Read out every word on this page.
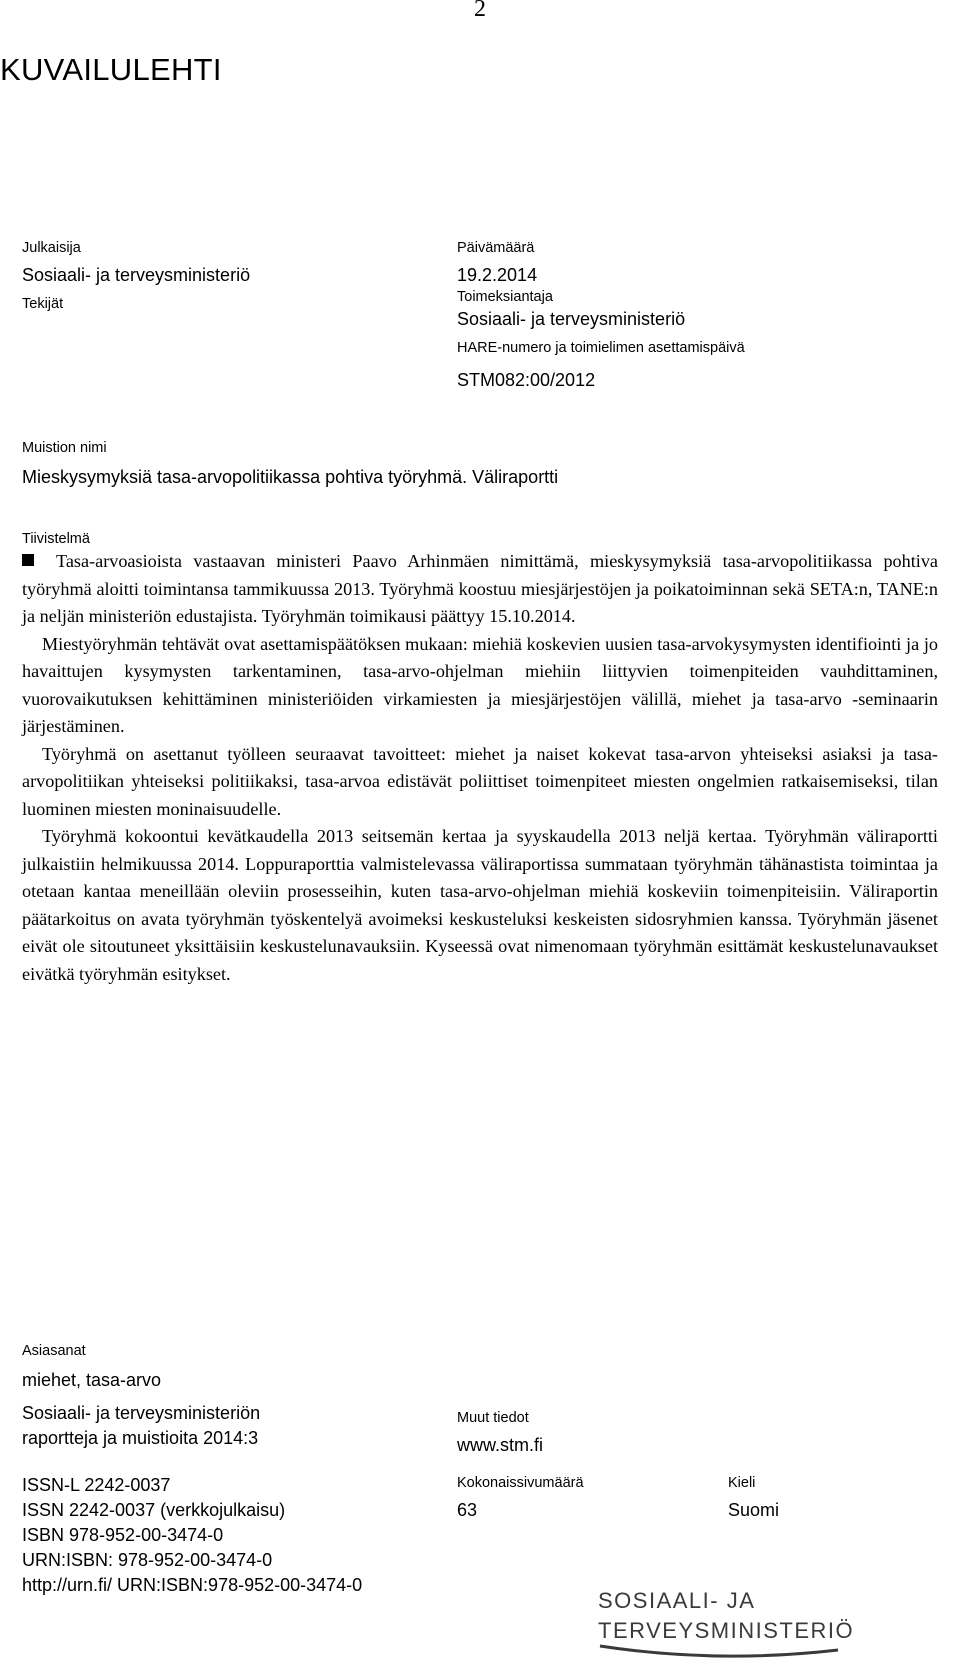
2
KUVAILULEHTI
Julkaisija
Sosiaali- ja terveysministeriö
Päivämäärä
19.2.2014
Tekijät	Toimeksiantaja
Sosiaali- ja terveysministeriö
HARE-numero ja toimielimen asettamispäivä
STM082:00/2012
Muistion nimi
Mieskysymyksiä tasa-arvopolitiikassa pohtiva työryhmä. Väliraportti
Tiivistelmä

Tasa-arvoasioista vastaavan ministeri Paavo Arhinmäen nimittämä, mieskysymyksiä tasa-arvopolitiikassa pohtiva työryhmä aloitti toimintansa tammikuussa 2013. Työryhmä koostuu miesjärjestöjen ja poikatoiminnan sekä SETA:n, TANE:n ja neljän ministeriön edustajista. Työryhmän toimikausi päättyy 15.10.2014.

Miestyöryhmän tehtävät ovat asettamispäätöksen mukaan: miehiä koskevien uusien tasa-arvokysymysten identifiointi ja jo havaittujen kysymysten tarkentaminen, tasa-arvo-ohjelman miehiin liittyvien toimenpiteiden vauhdittaminen, vuorovaikutuksen kehittäminen ministeriöiden virkamiesten ja miesjärjestöjen välillä, miehet ja tasa-arvo -seminaarin järjestäminen.

Työryhmä on asettanut työlleen seuraavat tavoitteet: miehet ja naiset kokevat tasa-arvon yhteiseksi asiaksi ja tasa-arvopolitiikan yhteiseksi politiikaksi, tasa-arvoa edistävät poliittiset toimenpiteet miesten ongelmien ratkaisemiseksi, tilan luominen miesten moninaisuudelle.

Työryhmä kokoontui kevätkaudella 2013 seitsemän kertaa ja syyskaudella 2013 neljä kertaa. Työryhmän väliraportti julkaistiin helmikuussa 2014. Loppuraporttia valmistelevassa väliraportissa summataan työryhmän tähänastista toimintaa ja otetaan kantaa meneillään oleviin prosesseihin, kuten tasa-arvo-ohjelman miehiä koskeviin toimenpiteisiin. Väliraportin päätarkoitus on avata työryhmän työskentelyä avoimeksi keskusteluksi keskeisten sidosryhmien kanssa. Työryhmän jäsenet eivät ole sitoutuneet yksittäisiin keskustelunavauksiin. Kyseessä ovat nimenomaan työryhmän esittämät keskustelunavaukset eivätkä työryhmän esitykset.

Asiasanat
miehet, tasa-arvo
Sosiaali- ja terveysministeriön
raportteja ja muistioita 2014:3
Muut tiedot
www.stm.fi
ISSN-L 2242-0037
ISSN 2242-0037 (verkkojulkaisu)
ISBN 978-952-00-3474-0
URN:ISBN: 978-952-00-3474-0
http://urn.fi/ URN:ISBN:978-952-00-3474-0
Kokonaissivumäärä
63
Kieli
Suomi
SOSIAALI- JA
TERVEYSMINISTERIÖ
